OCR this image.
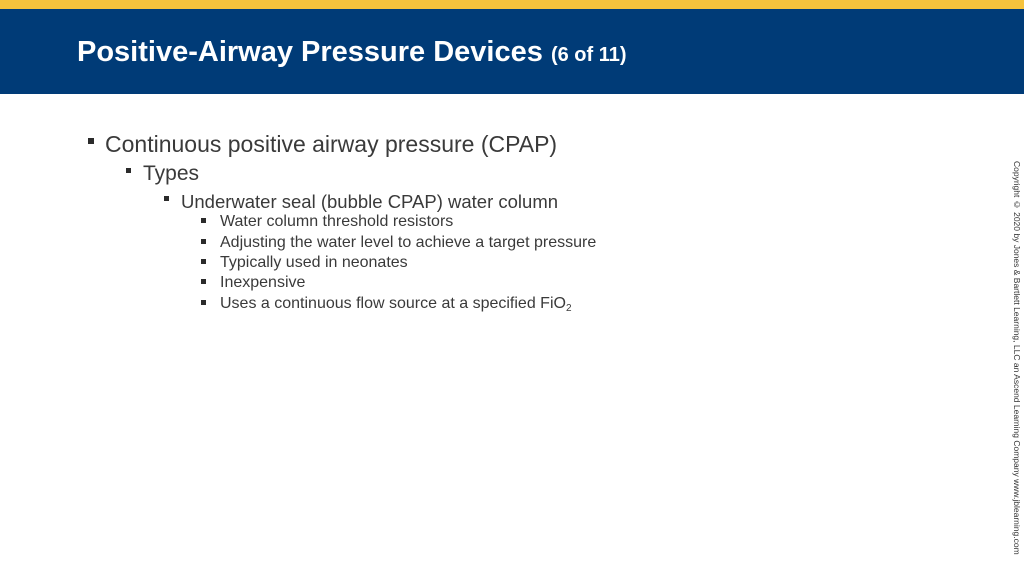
Positive-Airway Pressure Devices (6 of 11)
Continuous positive airway pressure (CPAP)
Types
Underwater seal (bubble CPAP) water column
Water column threshold resistors
Adjusting the water level to achieve a target pressure
Typically used in neonates
Inexpensive
Uses a continuous flow source at a specified FiO$_2$	Copyright © 2020 by Jones & Bartlett Learning, LLC an Ascend Learning Company www.jblearning.com
